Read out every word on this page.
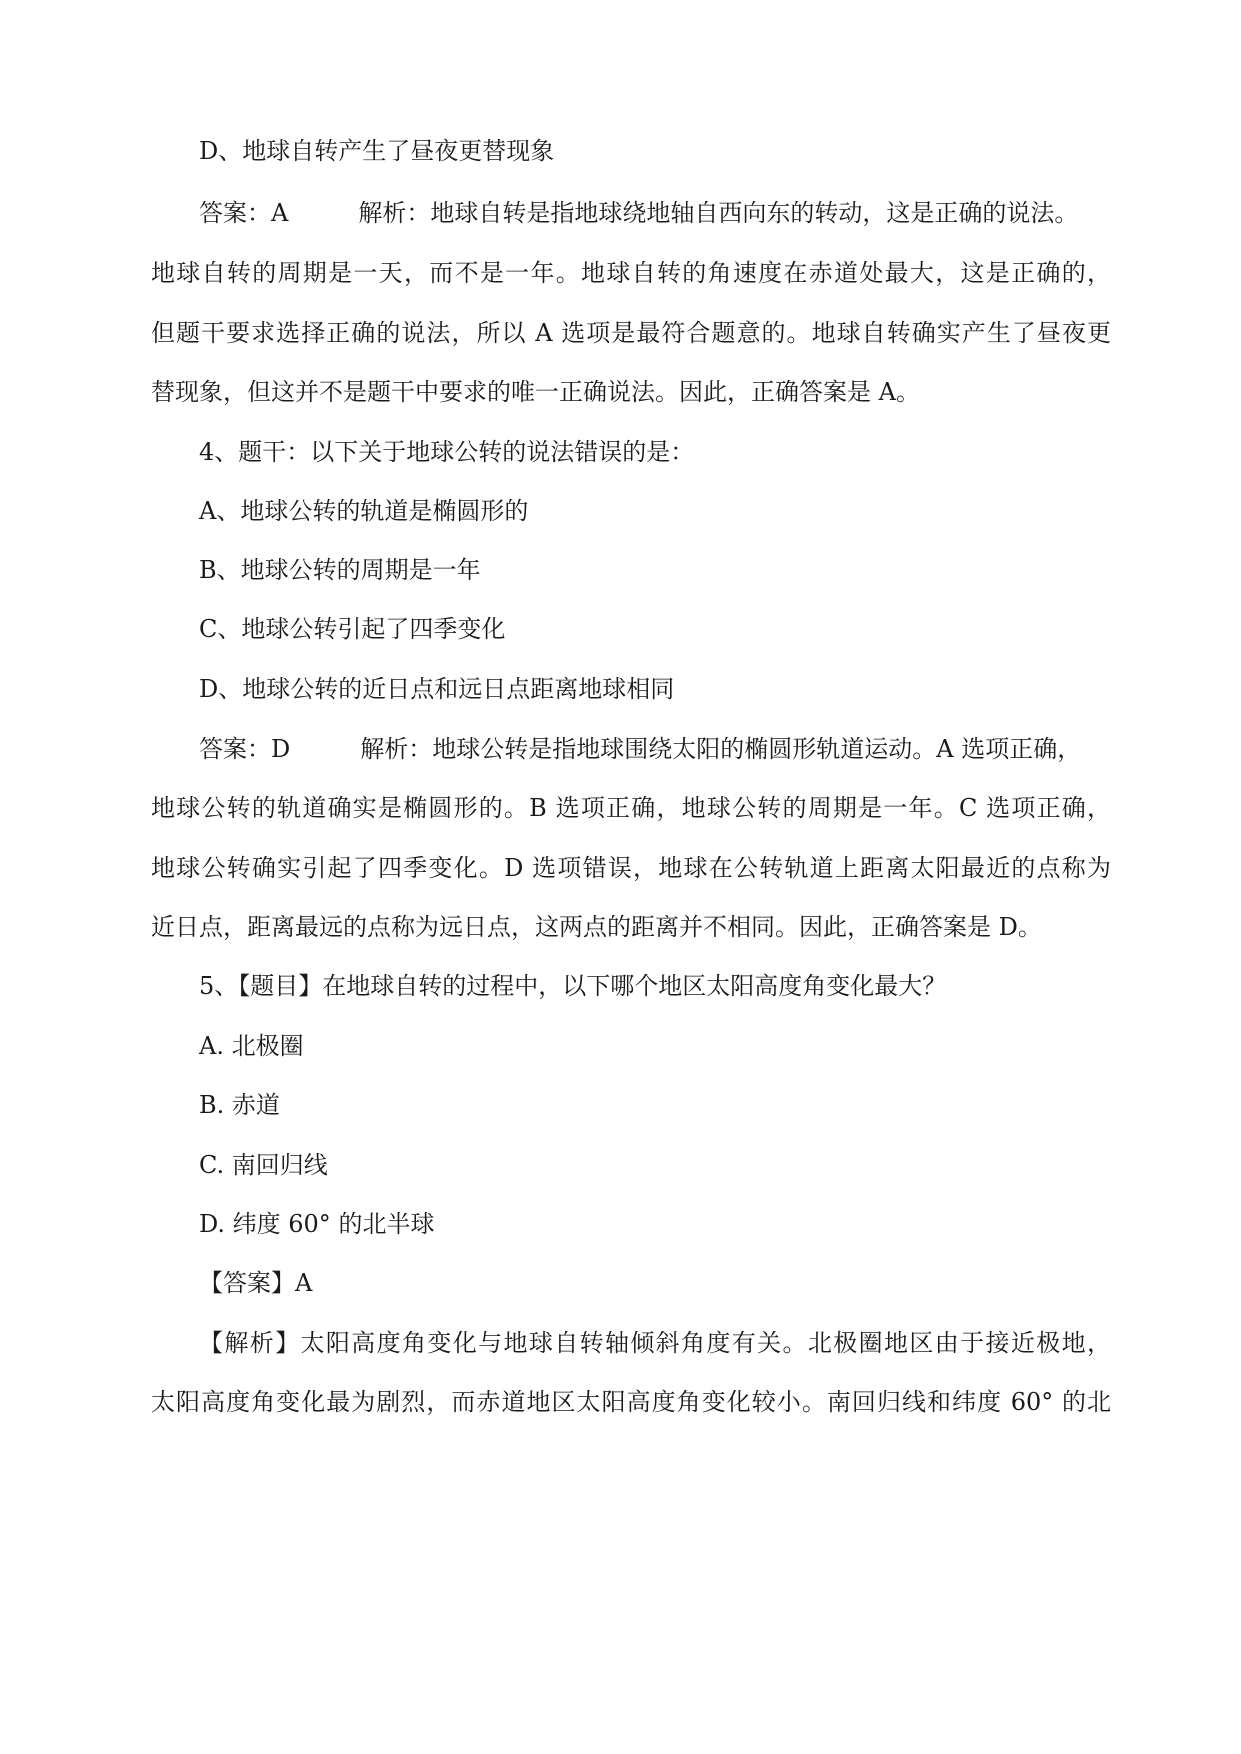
D、地球自转产生了昼夜更替现象
答案：A	解析：地球自转是指地球绕地轴自西向东的转动，这是正确的说法。
地球自转的周期是一天，而不是一年。地球自转的角速度在赤道处最大，这是正确的，
但题干要求选择正确的说法，所以 A 选项是最符合题意的。地球自转确实产生了昼夜更
替现象，但这并不是题干中要求的唯一正确说法。因此，正确答案是 A。
4、题干：以下关于地球公转的说法错误的是：
A、地球公转的轨道是椭圆形的
B、地球公转的周期是一年
C、地球公转引起了四季变化
D、地球公转的近日点和远日点距离地球相同
答案：D	解析：地球公转是指地球围绕太阳的椭圆形轨道运动。A 选项正确，
地球公转的轨道确实是椭圆形的。B 选项正确，地球公转的周期是一年。C 选项正确，
地球公转确实引起了四季变化。D 选项错误，地球在公转轨道上距离太阳最近的点称为
近日点，距离最远的点称为远日点，这两点的距离并不相同。因此，正确答案是 D。
5、【题目】在地球自转的过程中，以下哪个地区太阳高度角变化最大？
A. 北极圈
B. 赤道
C. 南回归线
D. 纬度 60° 的北半球
【答案】A
【解析】太阳高度角变化与地球自转轴倾斜角度有关。北极圈地区由于接近极地，
太阳高度角变化最为剧烈，而赤道地区太阳高度角变化较小。南回归线和纬度 60° 的北
